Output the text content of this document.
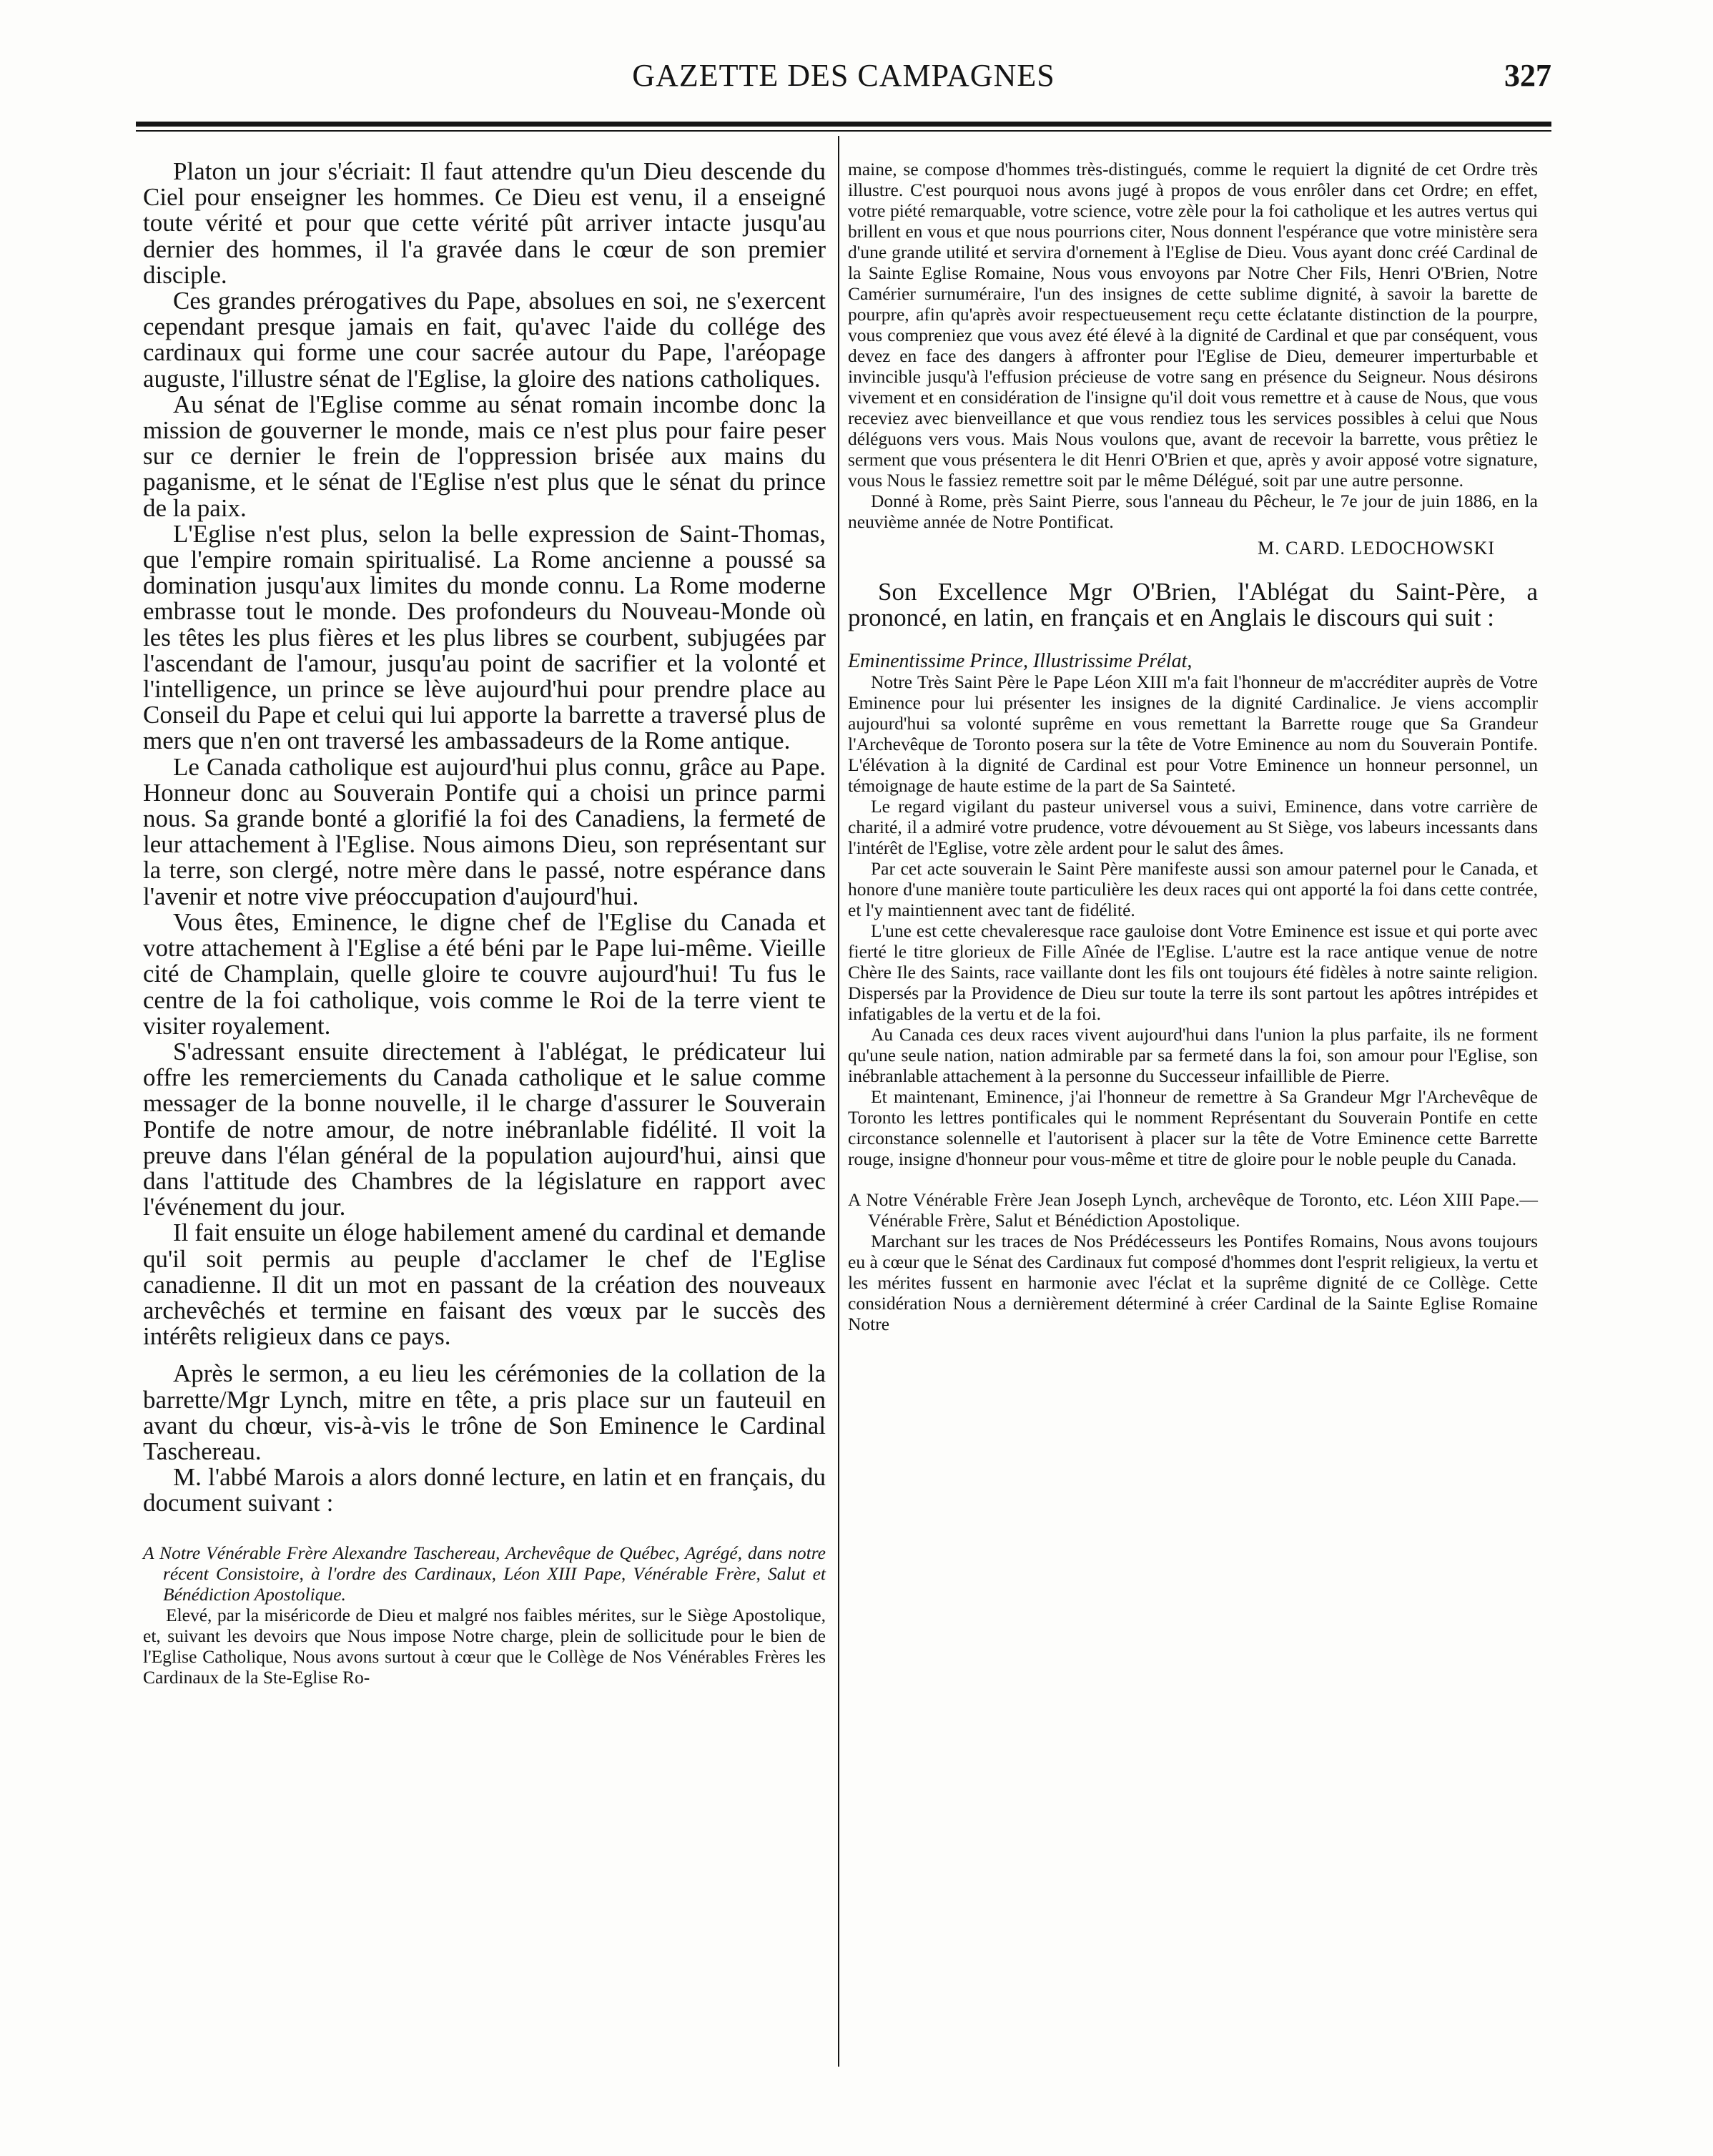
GAZETTE DES CAMPAGNES	327

Platon un jour s'écriait: Il faut attendre qu'un Dieu descende du Ciel pour enseigner les hommes. Ce Dieu est venu, il a enseigné toute vérité et pour que cette vérité pût arriver intacte jusqu'au dernier des hommes, il l'a gravée dans le cœur de son premier disciple.

Ces grandes prérogatives du Pape, absolues en soi, ne s'exercent cependant presque jamais en fait, qu'avec l'aide du collége des cardinaux qui forme une cour sacrée autour du Pape, l'aréopage auguste, l'illustre sénat de l'Eglise, la gloire des nations catholiques.

Au sénat de l'Eglise comme au sénat romain incombe donc la mission de gouverner le monde, mais ce n'est plus pour faire peser sur ce dernier le frein de l'oppression brisée aux mains du paganisme, et le sénat de l'Eglise n'est plus que le sénat du prince de la paix.

L'Eglise n'est plus, selon la belle expression de Saint-Thomas, que l'empire romain spiritualisé. La Rome ancienne a poussé sa domination jusqu'aux limites du monde connu. La Rome moderne embrasse tout le monde. Des profondeurs du Nouveau-Monde où les têtes les plus fières et les plus libres se courbent, subjugées par l'ascendant de l'amour, jusqu'au point de sacrifier et la volonté et l'intelligence, un prince se lève aujourd'hui pour prendre place au Conseil du Pape et celui qui lui apporte la barrette a traversé plus de mers que n'en ont traversé les ambassadeurs de la Rome antique.

Le Canada catholique est aujourd'hui plus connu, grâce au Pape. Honneur donc au Souverain Pontife qui a choisi un prince parmi nous. Sa grande bonté a glorifié la foi des Canadiens, la fermeté de leur attachement à l'Eglise. Nous aimons Dieu, son représentant sur la terre, son clergé, notre mère dans le passé, notre espérance dans l'avenir et notre vive préoccupation d'aujourd'hui.

Vous êtes, Eminence, le digne chef de l'Eglise du Canada et votre attachement à l'Eglise a été béni par le Pape lui-même. Vieille cité de Champlain, quelle gloire te couvre aujourd'hui! Tu fus le centre de la foi catholique, vois comme le Roi de la terre vient te visiter royalement.

S'adressant ensuite directement à l'ablégat, le prédicateur lui offre les remerciements du Canada catholique et le salue comme messager de la bonne nouvelle, il le charge d'assurer le Souverain Pontife de notre amour, de notre inébranlable fidélité. Il voit la preuve dans l'élan général de la population aujourd'hui, ainsi que dans l'attitude des Chambres de la législature en rapport avec l'événement du jour.

Il fait ensuite un éloge habilement amené du cardinal et demande qu'il soit permis au peuple d'acclamer le chef de l'Eglise canadienne. Il dit un mot en passant de la création des nouveaux archevêchés et termine en faisant des vœux par le succès des intérêts religieux dans ce pays.

Après le sermon, a eu lieu les cérémonies de la collation de la barrette/Mgr Lynch, mitre en tête, a pris place sur un fauteuil en avant du chœur, vis-à-vis le trône de Son Eminence le Cardinal Taschereau.

M. l'abbé Marois a alors donné lecture, en latin et en français, du document suivant :

A Notre Vénérable Frère Alexandre Taschereau, Archevêque de Québec, Agrégé, dans notre récent Consistoire, à l'ordre des Cardinaux, Léon XIII Pape, Vénérable Frère, Salut et Bénédiction Apostolique.

Elevé, par la miséricorde de Dieu et malgré nos faibles mérites, sur le Siège Apostolique, et, suivant les devoirs que Nous impose Notre charge, plein de sollicitude pour le bien de l'Eglise Catholique, Nous avons surtout à cœur que le Collège de Nos Vénérables Frères les Cardinaux de la Ste-Eglise Ro-

maine, se compose d'hommes très-distingués, comme le requiert la dignité de cet Ordre très illustre. C'est pourquoi nous avons jugé à propos de vous enrôler dans cet Ordre; en effet, votre piété remarquable, votre science, votre zèle pour la foi catholique et les autres vertus qui brillent en vous et que nous pourrions citer, Nous donnent l'espérance que votre ministère sera d'une grande utilité et servira d'ornement à l'Eglise de Dieu. Vous ayant donc créé Cardinal de la Sainte Eglise Romaine, Nous vous envoyons par Notre Cher Fils, Henri O'Brien, Notre Camérier surnuméraire, l'un des insignes de cette sublime dignité, à savoir la barette de pourpre, afin qu'après avoir respectueusement reçu cette éclatante distinction de la pourpre, vous compreniez que vous avez été élevé à la dignité de Cardinal et que par conséquent, vous devez en face des dangers à affronter pour l'Eglise de Dieu, demeurer imperturbable et invincible jusqu'à l'effusion précieuse de votre sang en présence du Seigneur. Nous désirons vivement et en considération de l'insigne qu'il doit vous remettre et à cause de Nous, que vous receviez avec bienveillance et que vous rendiez tous les services possibles à celui que Nous déléguons vers vous. Mais Nous voulons que, avant de recevoir la barrette, vous prêtiez le serment que vous présentera le dit Henri O'Brien et que, après y avoir apposé votre signature, vous Nous le fassiez remettre soit par le même Délégué, soit par une autre personne.

Donné à Rome, près Saint Pierre, sous l'anneau du Pêcheur, le 7e jour de juin 1886, en la neuvième année de Notre Pontificat.

M. CARD. LEDOCHOWSKI

Son Excellence Mgr O'Brien, l'Ablégat du Saint-Père, a prononcé, en latin, en français et en Anglais le discours qui suit :

Eminentissime Prince, Illustrissime Prélat,

Notre Très Saint Père le Pape Léon XIII m'a fait l'honneur de m'accréditer auprès de Votre Eminence pour lui présenter les insignes de la dignité Cardinalice. Je viens accomplir aujourd'hui sa volonté suprême en vous remettant la Barrette rouge que Sa Grandeur l'Archevêque de Toronto posera sur la tête de Votre Eminence au nom du Souverain Pontife. L'élévation à la dignité de Cardinal est pour Votre Eminence un honneur personnel, un témoignage de haute estime de la part de Sa Sainteté.

Le regard vigilant du pasteur universel vous a suivi, Eminence, dans votre carrière de charité, il a admiré votre prudence, votre dévouement au St Siège, vos labeurs incessants dans l'intérêt de l'Eglise, votre zèle ardent pour le salut des âmes.

Par cet acte souverain le Saint Père manifeste aussi son amour paternel pour le Canada, et honore d'une manière toute particulière les deux races qui ont apporté la foi dans cette contrée, et l'y maintiennent avec tant de fidélité.

L'une est cette chevaleresque race gauloise dont Votre Eminence est issue et qui porte avec fierté le titre glorieux de Fille Aînée de l'Eglise. L'autre est la race antique venue de notre Chère Ile des Saints, race vaillante dont les fils ont toujours été fidèles à notre sainte religion. Dispersés par la Providence de Dieu sur toute la terre ils sont partout les apôtres intrépides et infatigables de la vertu et de la foi.

Au Canada ces deux races vivent aujourd'hui dans l'union la plus parfaite, ils ne forment qu'une seule nation, nation admirable par sa fermeté dans la foi, son amour pour l'Eglise, son inébranlable attachement à la personne du Successeur infaillible de Pierre.

Et maintenant, Eminence, j'ai l'honneur de remettre à Sa Grandeur Mgr l'Archevêque de Toronto les lettres pontificales qui le nomment Représentant du Souverain Pontife en cette circonstance solennelle et l'autorisent à placer sur la tête de Votre Eminence cette Barrette rouge, insigne d'honneur pour vous-même et titre de gloire pour le noble peuple du Canada.

A Notre Vénérable Frère Jean Joseph Lynch, archevêque de Toronto, etc. Léon XIII Pape.—Vénérable Frère, Salut et Bénédiction Apostolique.

Marchant sur les traces de Nos Prédécesseurs les Pontifes Romains, Nous avons toujours eu à cœur que le Sénat des Cardinaux fut composé d'hommes dont l'esprit religieux, la vertu et les mérites fussent en harmonie avec l'éclat et la suprême dignité de ce Collège. Cette considération Nous a dernièrement déterminé à créer Cardinal de la Sainte Eglise Romaine Notre
